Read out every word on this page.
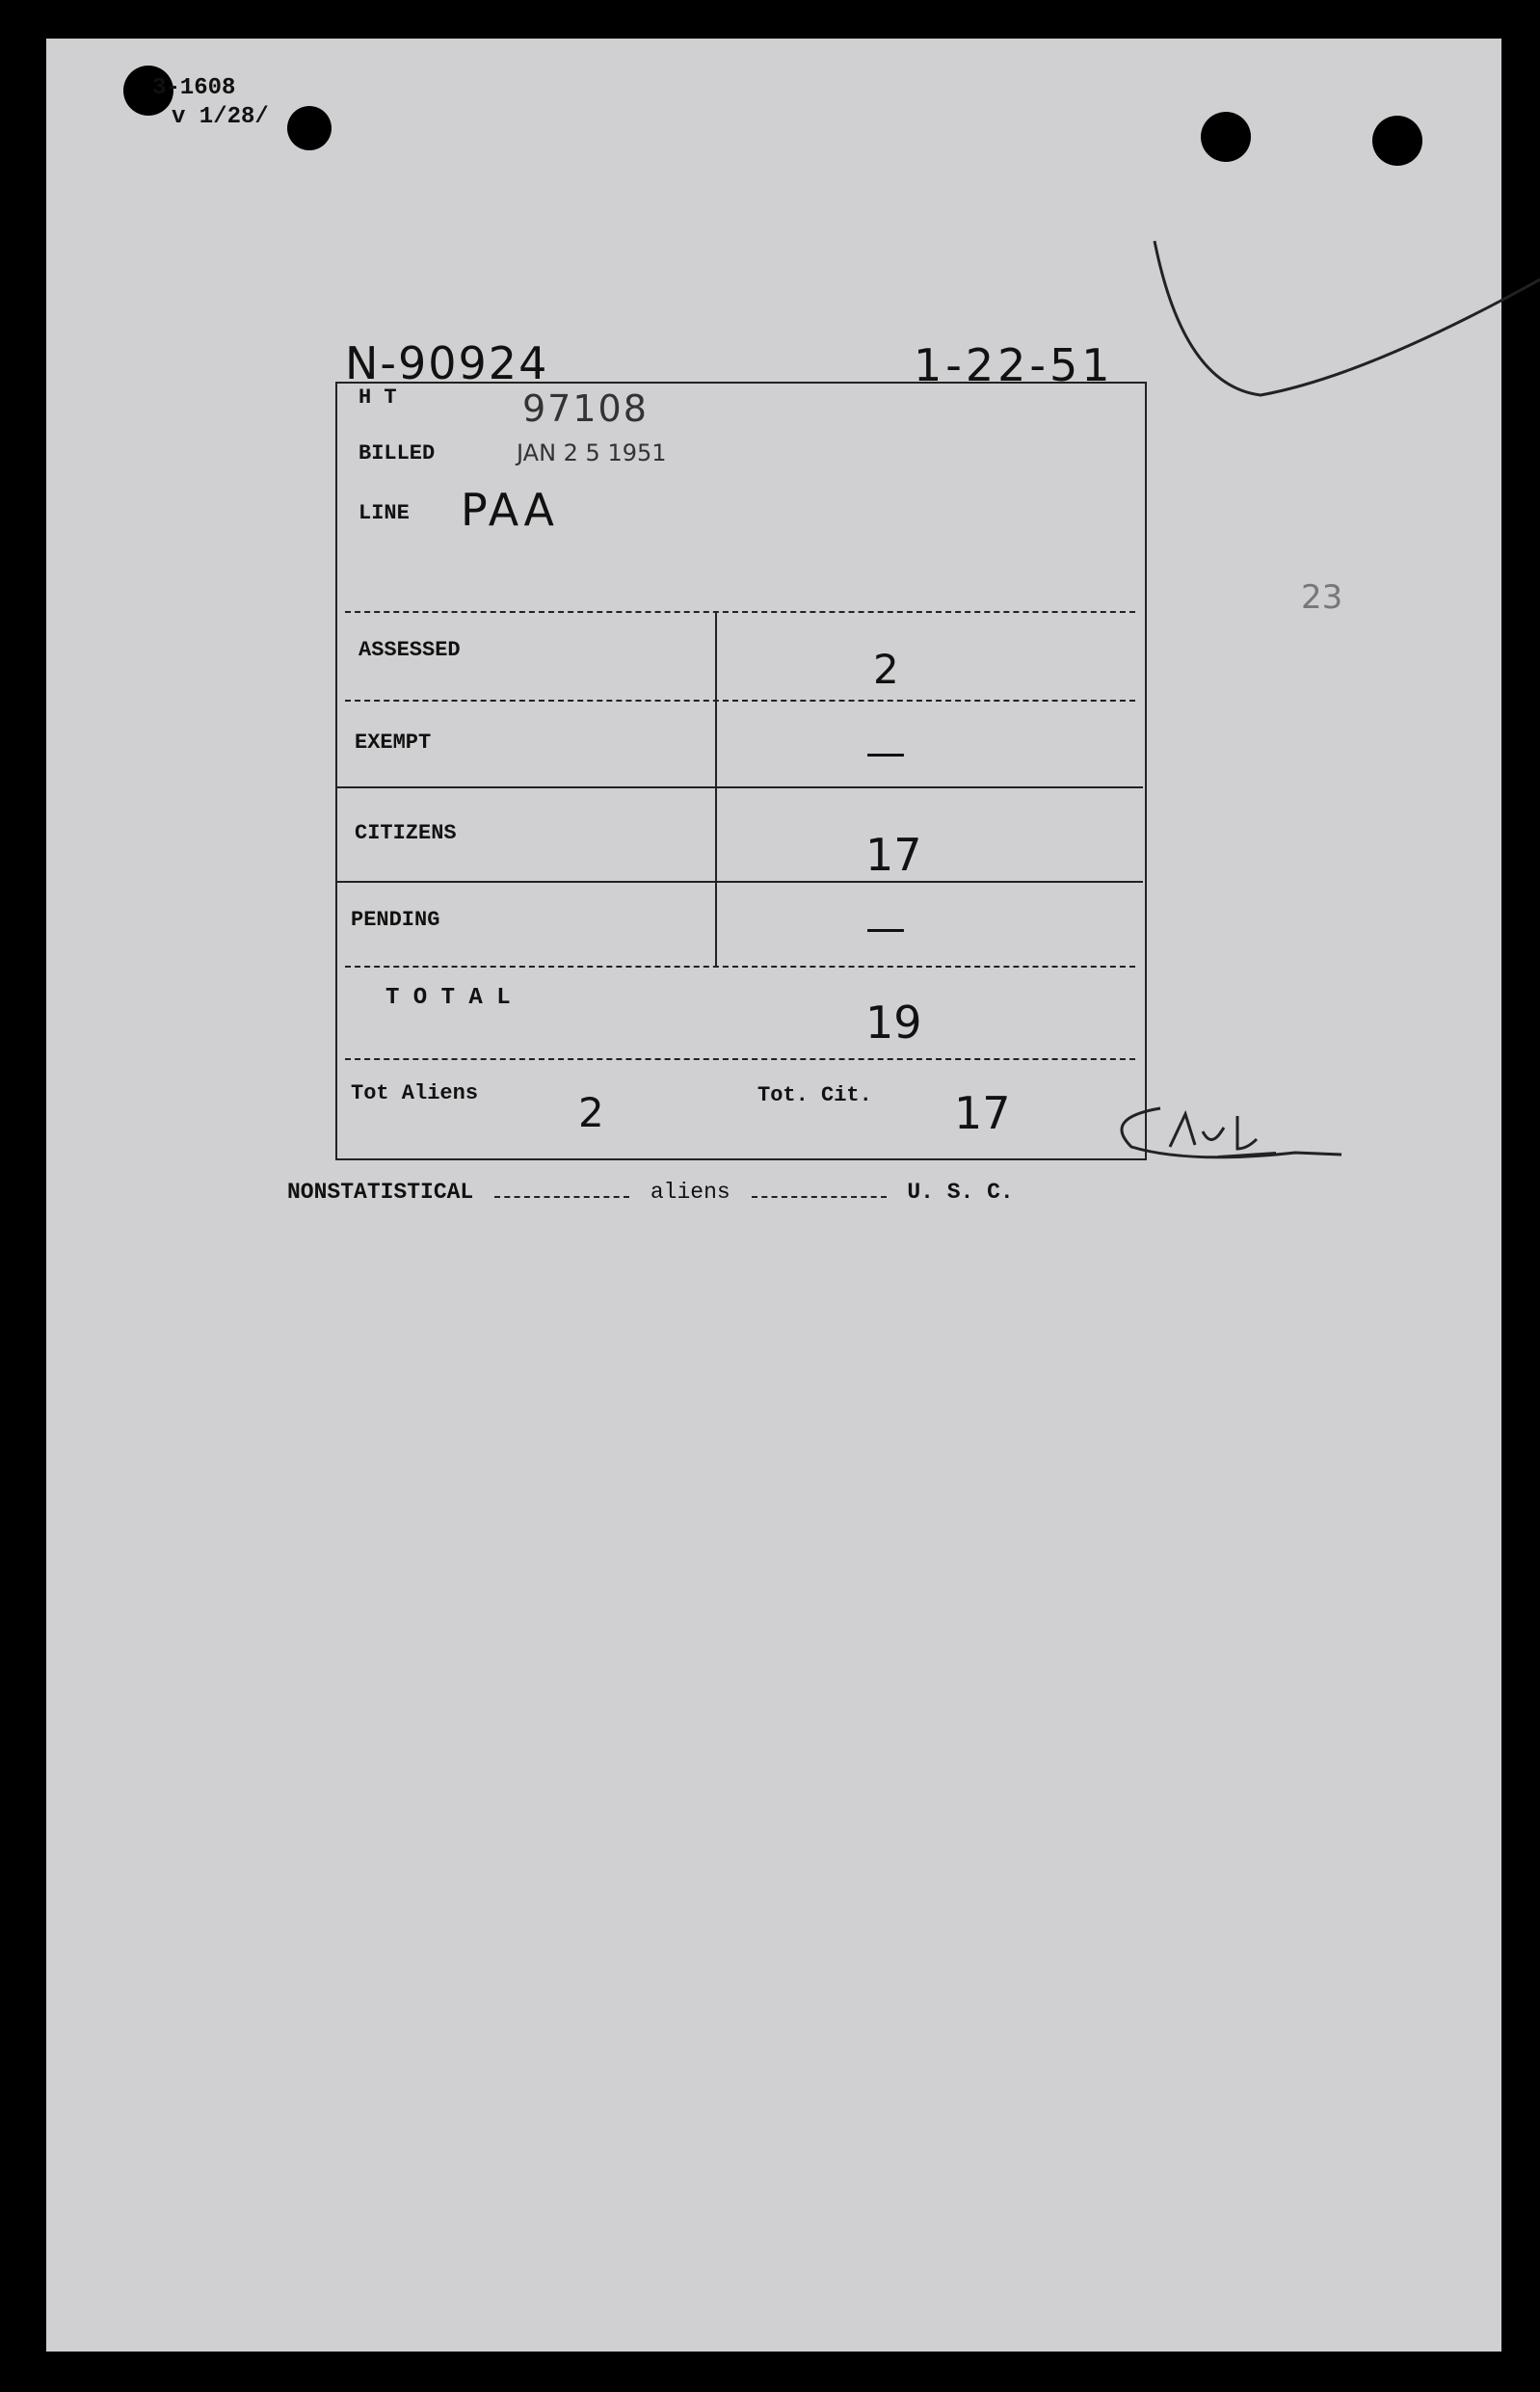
3-1608
v 1/28/
N-90924	1-22-51
23
H T	97108
BILLED	JAN 2 5 1951
LINE PAA
ASSESSED	2
EXEMPT	—
CITIZENS	17
PENDING	—
T O T A L	19
Tot Aliens 2	Tot. Cit. 17
NONSTATISTICAL	aliens	U. S. C.
